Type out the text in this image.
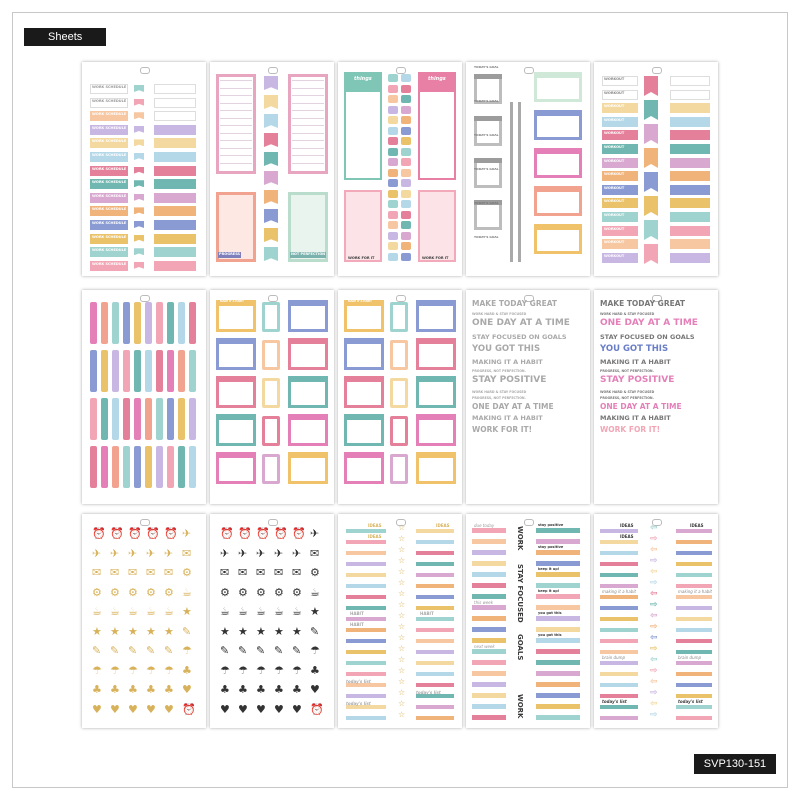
Sheets
SVP130-151
WORK SCHEDULE
WORK SCHEDULE
WORK SCHEDULE
WORK SCHEDULE
WORK SCHEDULE
WORK SCHEDULE
WORK SCHEDULE
WORK SCHEDULE
WORK SCHEDULE
WORK SCHEDULE
WORK SCHEDULE
WORK SCHEDULE
WORK SCHEDULE
WORK SCHEDULE
PROGRESS	NOT PERFECTION
things	things
WORK FOR IT	WORK FOR IT
TODAY'S GOAL
TODAY'S GOAL
TODAY'S GOAL
TODAY'S GOAL
TODAY'S GOAL
TODAY'S GOAL
WORKOUT
WORKOUT
WORKOUT
WORKOUT
WORKOUT
WORKOUT
WORKOUT
WORKOUT
WORKOUT
WORKOUT
WORKOUT
WORKOUT
WORKOUT
WORKOUT
MAKE IT A HABIT	MAKE IT A HABIT	MAKE TODAY GREAT
WORK HARD & STAY FOCUSED
ONE DAY AT A TIME
STAY FOCUSED ON GOALS
YOU GOT THIS
MAKING IT A HABIT
PROGRESS, NOT PERFECTION.
STAY POSITIVE
WORK HARD & STAY FOCUSED
PROGRESS, NOT PERFECTION.
ONE DAY AT A TIME
MAKING IT A HABIT
WORK FOR IT!
MAKE TODAY GREAT
WORK HARD & STAY FOCUSED
ONE DAY AT A TIME
STAY FOCUSED ON GOALS
YOU GOT THIS
MAKING IT A HABIT
PROGRESS, NOT PERFECTION.
STAY POSITIVE
WORK HARD & STAY FOCUSED
PROGRESS, NOT PERFECTION.
ONE DAY AT A TIME
MAKING IT A HABIT
WORK FOR IT!
⏰ ⏰ ⏰ ⏰ ⏰ ✈
✈ ✈ ✈ ✈ ✈ ✉
✉ ✉ ✉ ✉ ✉ ⚙
⚙ ⚙ ⚙ ⚙ ⚙ ☕
☕ ☕ ☕ ☕ ☕ ★
★ ★ ★ ★ ★ ✎
✎ ✎ ✎ ✎ ✎ ☂
☂ ☂ ☂ ☂ ☂ ♣
♣ ♣ ♣ ♣ ♣ ♥
♥ ♥ ♥ ♥ ♥ ⏰
⏰ ⏰ ⏰ ⏰ ⏰ ✈
✈ ✈ ✈ ✈ ✈ ✉
✉ ✉ ✉ ✉ ✉ ⚙
⚙ ⚙ ⚙ ⚙ ⚙ ☕
☕ ☕ ☕ ☕ ☕ ★
★ ★ ★ ★ ★ ✎
✎ ✎ ✎ ✎ ✎ ☂
☂ ☂ ☂ ☂ ☂ ♣
♣ ♣ ♣ ♣ ♣ ♥
♥ ♥ ♥ ♥ ♥ ⏰
☆
☆
☆
☆
☆
☆
☆
☆
☆
☆
☆
☆
☆
☆
☆
☆
☆
☆
IDEAS
IDEAS
IDEAS
HABIT
HABIT
HABIT
today's list
today's list
today's list
due today	stay positive
stay positive
keep it up!
keep it up!
you got this
you got this
this week
next week
WORK
STAY FOCUSED
GOALS
WORK
⇦
⇨
⇦
⇨
⇦
⇨
⇦
⇨
⇦
⇨
⇦
⇨
⇦
⇨
⇦
⇨
⇦
⇨
IDEAS
IDEAS
IDEAS
making it a habit	making it a habit
brain dump	brain dump
today's list	today's list
